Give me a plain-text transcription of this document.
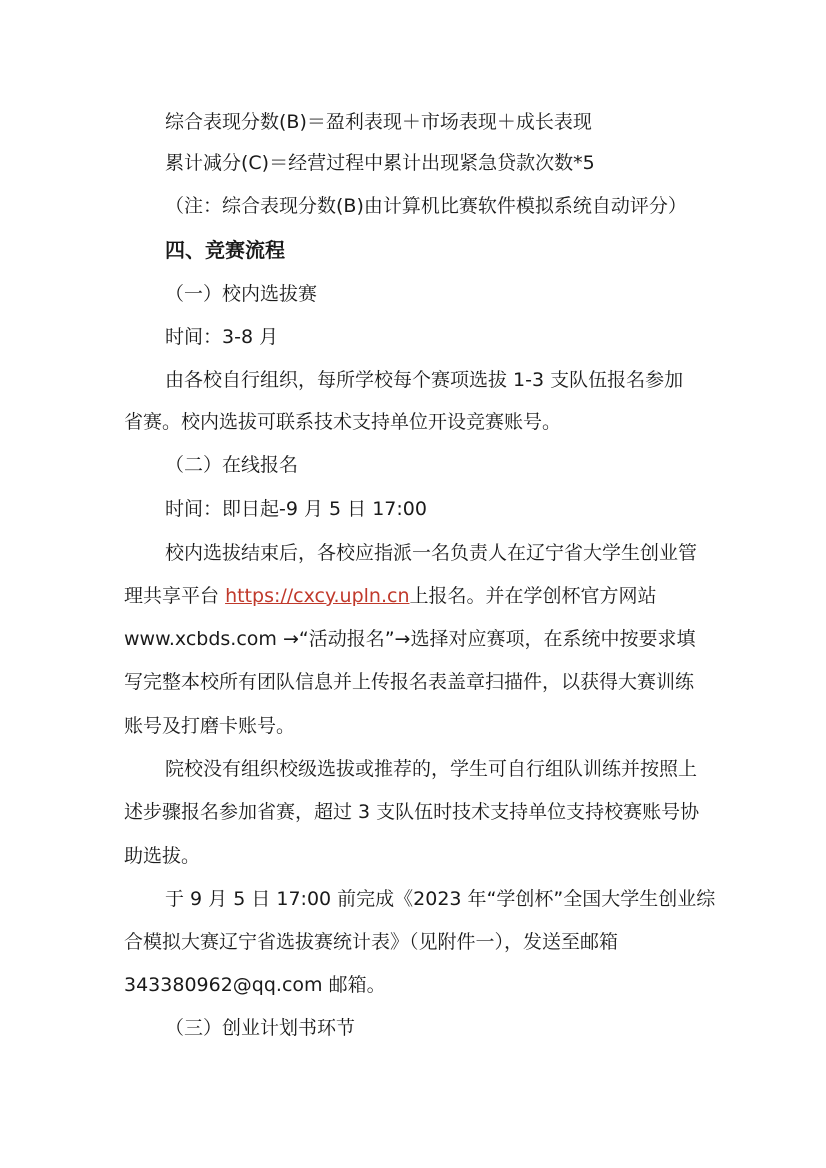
综合表现分数(B)＝盈利表现＋市场表现＋成长表现
累计减分(C)＝经营过程中累计出现紧急贷款次数*5
（注：综合表现分数(B)由计算机比赛软件模拟系统自动评分）
四、竞赛流程
（一）校内选拔赛
时间：3-8 月
由各校自行组织，每所学校每个赛项选拔 1-3 支队伍报名参加
省赛。校内选拔可联系技术支持单位开设竞赛账号。
（二）在线报名
时间：即日起-9 月 5 日 17:00
校内选拔结束后，各校应指派一名负责人在辽宁省大学生创业管
理共享平台 https://cxcy.upln.cn上报名。并在学创杯官方网站
www.xcbds.com →“活动报名”→选择对应赛项，在系统中按要求填
写完整本校所有团队信息并上传报名表盖章扫描件，以获得大赛训练
账号及打磨卡账号。
院校没有组织校级选拔或推荐的，学生可自行组队训练并按照上
述步骤报名参加省赛，超过 3 支队伍时技术支持单位支持校赛账号协
助选拔。
于 9 月 5 日 17:00 前完成《2023 年“学创杯”全国大学生创业综
合模拟大赛辽宁省选拔赛统计表》（见附件一），发送至邮箱
343380962@qq.com 邮箱。
（三）创业计划书环节
